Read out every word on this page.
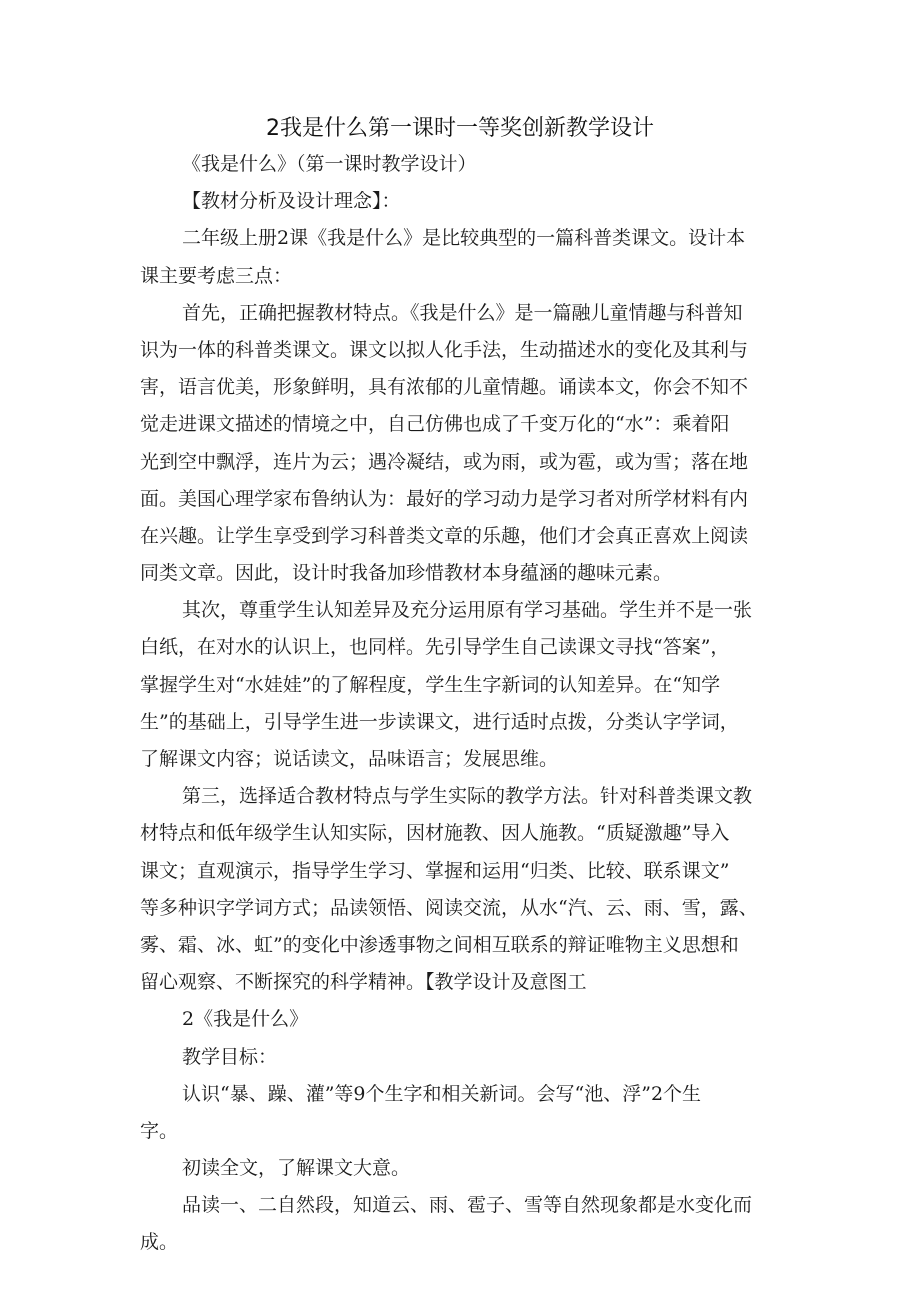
2我是什么第一课时一等奖创新教学设计
《我是什么》（第一课时教学设计）
【教材分析及设计理念】：
二年级上册2课《我是什么》是比较典型的一篇科普类课文。设计本
课主要考虑三点：
首先，正确把握教材特点。《我是什么》是一篇融儿童情趣与科普知
识为一体的科普类课文。课文以拟人化手法，生动描述水的变化及其利与
害，语言优美，形象鲜明，具有浓郁的儿童情趣。诵读本文，你会不知不
觉走进课文描述的情境之中，自己仿佛也成了千变万化的“水”：乘着阳
光到空中飘浮，连片为云；遇冷凝结，或为雨，或为雹，或为雪；落在地
面。美国心理学家布鲁纳认为：最好的学习动力是学习者对所学材料有内
在兴趣。让学生享受到学习科普类文章的乐趣，他们才会真正喜欢上阅读
同类文章。因此，设计时我备加珍惜教材本身蕴涵的趣味元素。
其次，尊重学生认知差异及充分运用原有学习基础。学生并不是一张
白纸，在对水的认识上，也同样。先引导学生自己读课文寻找“答案”，
掌握学生对“水娃娃”的了解程度，学生生字新词的认知差异。在“知学
生”的基础上，引导学生进一步读课文，进行适时点拨，分类认字学词，
了解课文内容；说话读文，品味语言；发展思维。
第三，选择适合教材特点与学生实际的教学方法。针对科普类课文教
材特点和低年级学生认知实际，因材施教、因人施教。“质疑激趣”导入
课文；直观演示，指导学生学习、掌握和运用“归类、比较、联系课文”
等多种识字学词方式；品读领悟、阅读交流，从水“汽、云、雨、雪，露、
雾、霜、冰、虹”的变化中渗透事物之间相互联系的辩证唯物主义思想和
留心观察、不断探究的科学精神。【教学设计及意图工
2《我是什么》
教学目标：
认识“暴、躁、灌”等9个生字和相关新词。会写“池、浮”2个生
字。
初读全文，了解课文大意。
品读一、二自然段，知道云、雨、雹子、雪等自然现象都是水变化而
成。
